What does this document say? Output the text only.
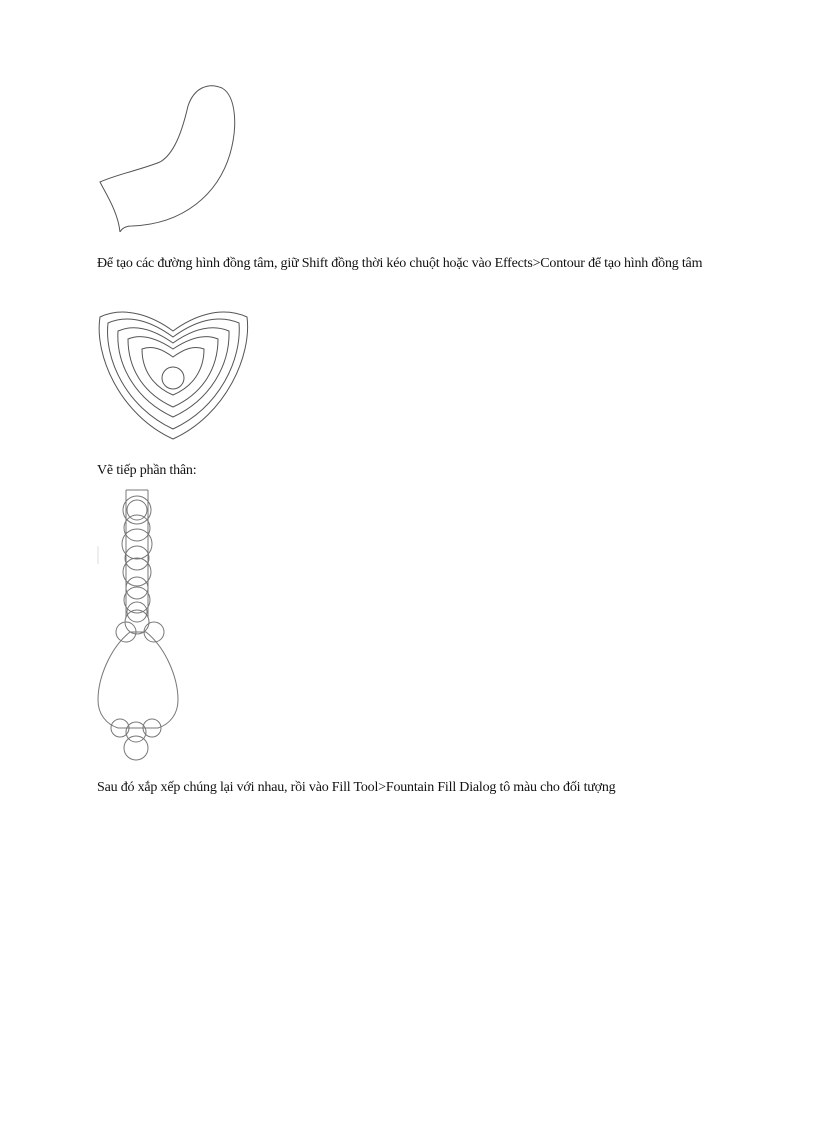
Để tạo các đường hình đồng tâm, giữ Shift đồng thời kéo chuột hoặc vào Effects>Contour để tạo hình đồng tâm

Vẽ tiếp phần thân:

Sau đó xắp xếp chúng lại với nhau, rồi vào Fill Tool>Fountain Fill Dialog tô màu cho đối tượng
